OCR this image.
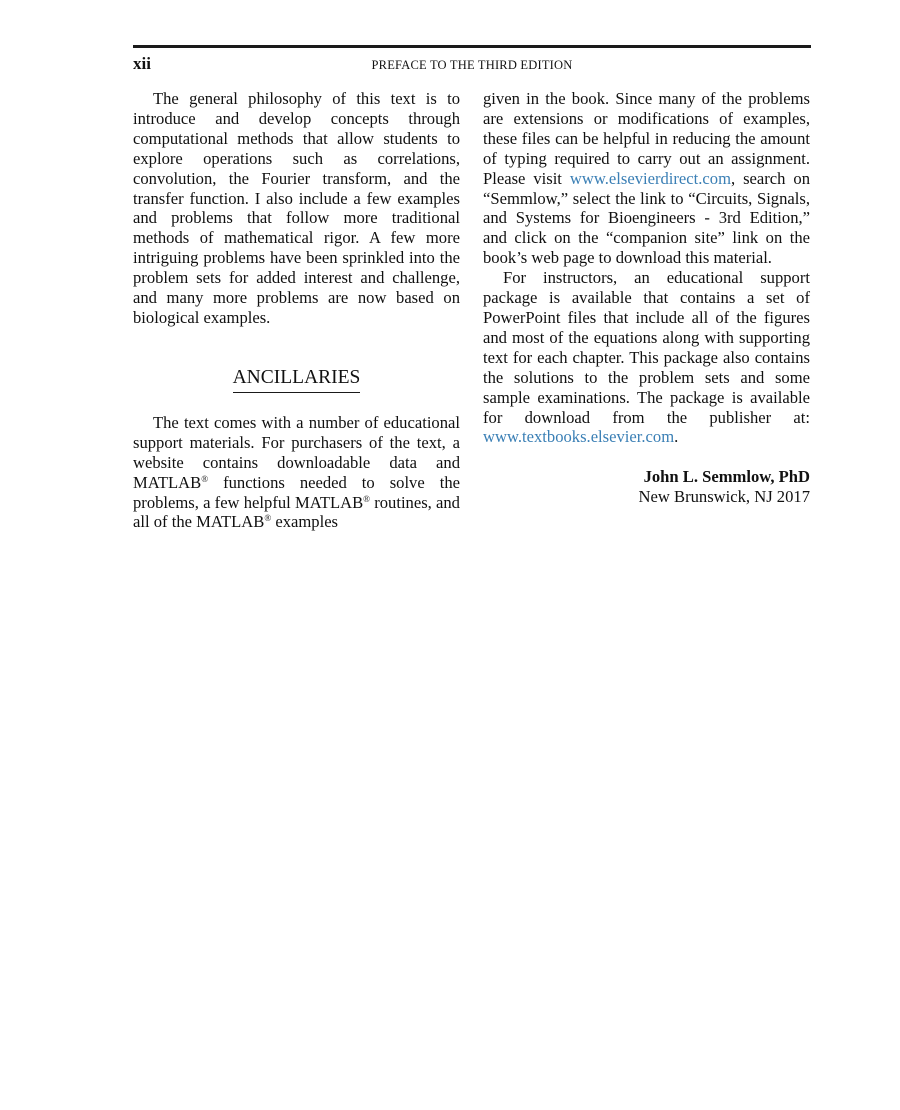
xii	PREFACE TO THE THIRD EDITION

The general philosophy of this text is to introduce and develop concepts through computational methods that allow students to explore operations such as correlations, convolution, the Fourier transform, and the transfer function. I also include a few examples and problems that follow more traditional methods of mathematical rigor. A few more intriguing problems have been sprinkled into the problem sets for added interest and challenge, and many more problems are now based on biological examples.

ANCILLARIES

The text comes with a number of educational support materials. For purchasers of the text, a website contains downloadable data and MATLAB® functions needed to solve the problems, a few helpful MATLAB® routines, and all of the MATLAB® examples

given in the book. Since many of the problems are extensions or modifications of examples, these files can be helpful in reducing the amount of typing required to carry out an assignment. Please visit www.​elsevierdirect.com, search on “Semmlow,” select the link to “Circuits, Signals, and Systems for Bioengineers - 3rd Edition,” and click on the “companion site” link on the book’s web page to download this material.

For instructors, an educational support package is available that contains a set of PowerPoint files that include all of the figures and most of the equations along with supporting text for each chapter. This package also contains the solutions to the problem sets and some sample examinations. The package is available for download from the publisher at: www.textbooks.​elsevier.com.

John L. Semmlow, PhD
New Brunswick, NJ 2017
